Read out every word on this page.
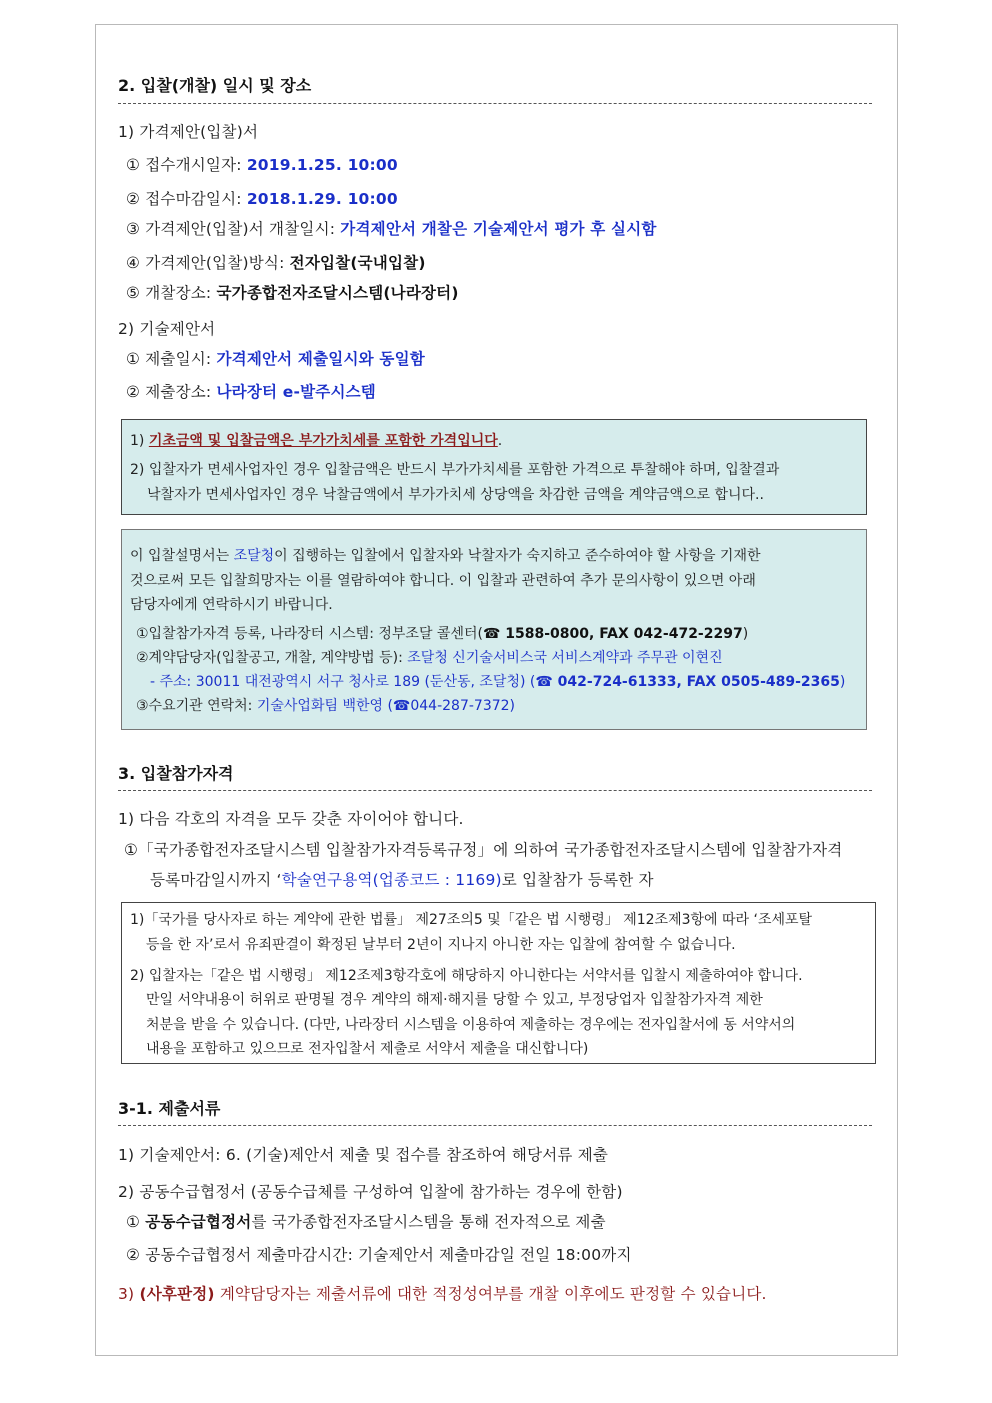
2. 입찰(개찰) 일시 및 장소
1) 가격제안(입찰)서
① 접수개시일자: 2019.1.25. 10:00
② 접수마감일시: 2018.1.29. 10:00
③ 가격제안(입찰)서 개찰일시: 가격제안서 개찰은 기술제안서 평가 후 실시함
④ 가격제안(입찰)방식: 전자입찰(국내입찰)
⑤ 개찰장소: 국가종합전자조달시스템(나라장터)
2) 기술제안서
① 제출일시: 가격제안서 제출일시와 동일함
② 제출장소: 나라장터 e-발주시스템
1) 기초금액 및 입찰금액은 부가가치세를 포함한 가격입니다.
2) 입찰자가 면세사업자인 경우 입찰금액은 반드시 부가가치세를 포함한 가격으로 투찰해야 하며, 입찰결과
낙찰자가 면세사업자인 경우 낙찰금액에서 부가가치세 상당액을 차감한 금액을 계약금액으로 합니다..
이 입찰설명서는 조달청이 집행하는 입찰에서 입찰자와 낙찰자가 숙지하고 준수하여야 할 사항을 기재한
것으로써 모든 입찰희망자는 이를 열람하여야 합니다. 이 입찰과 관련하여 추가 문의사항이 있으면 아래
담당자에게 연락하시기 바랍니다.
①입찰참가자격 등록, 나라장터 시스템: 정부조달 콜센터(☎ 1588-0800, FAX 042-472-2297)
②계약담당자(입찰공고, 개찰, 계약방법 등): 조달청 신기술서비스국 서비스계약과 주무관 이현진
- 주소: 30011 대전광역시 서구 청사로 189 (둔산동, 조달청) (☎ 042-724-61333, FAX 0505-489-2365)
③수요기관 연락처: 기술사업화팀 백한영 (☎044-287-7372)
3. 입찰참가자격
1) 다음 각호의 자격을 모두 갖춘 자이어야 합니다.
①「국가종합전자조달시스템 입찰참가자격등록규정」에 의하여 국가종합전자조달시스템에 입찰참가자격
등록마감일시까지 ‘학술연구용역(업종코드 : 1169)로 입찰참가 등록한 자
1)「국가를 당사자로 하는 계약에 관한 법률」 제27조의5 및「같은 법 시행령」 제12조제3항에 따라 ‘조세포탈
등을 한 자’로서 유죄판결이 확정된 날부터 2년이 지나지 아니한 자는 입찰에 참여할 수 없습니다.
2) 입찰자는「같은 법 시행령」 제12조제3항각호에 해당하지 아니한다는 서약서를 입찰시 제출하여야 합니다.
만일 서약내용이 허위로 판명될 경우 계약의 해제·해지를 당할 수 있고, 부정당업자 입찰참가자격 제한
처분을 받을 수 있습니다. (다만, 나라장터 시스템을 이용하여 제출하는 경우에는 전자입찰서에 동 서약서의
내용을 포함하고 있으므로 전자입찰서 제출로 서약서 제출을 대신합니다)
3-1. 제출서류
1) 기술제안서: 6. (기술)제안서 제출 및 접수를 참조하여 해당서류 제출
2) 공동수급협정서 (공동수급체를 구성하여 입찰에 참가하는 경우에 한함)
① 공동수급협정서를 국가종합전자조달시스템을 통해 전자적으로 제출
② 공동수급협정서 제출마감시간: 기술제안서 제출마감일 전일 18:00까지
3) (사후판정) 계약담당자는 제출서류에 대한 적정성여부를 개찰 이후에도 판정할 수 있습니다.
